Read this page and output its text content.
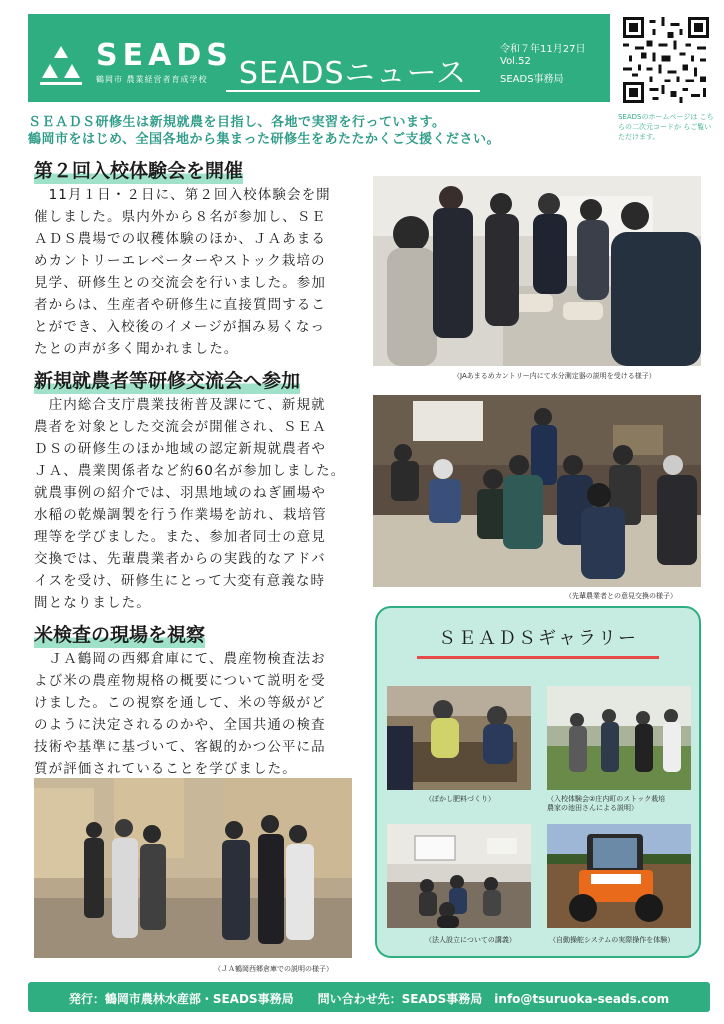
SEADS
鶴岡市 農業経営者育成学校	SEADSニュース
令和７年11月27日
Vol.52
SEADS事務局
SEADSのホームページは こちらの二次元コードか らご覧いただけます。
ＳＥＡＤＳ研修生は新規就農を目指し、各地で実習を行っています。
鶴岡市をはじめ、全国各地から集まった研修生をあたたかくご支援ください。
第２回入校体験会を開催
　11月１日・２日に、第２回入校体験会を開
催しました。県内外から８名が参加し、ＳＥ
ＡＤＳ農場での収穫体験のほか、ＪＡあまる
めカントリーエレベーターやストック栽培の
見学、研修生との交流会を行いました。参加
者からは、生産者や研修生に直接質問するこ
とができ、入校後のイメージが掴み易くなっ
たとの声が多く聞かれました。
（JAあまるめカントリー内にて水分測定器の説明を受ける様子）
新規就農者等研修交流会へ参加
　庄内総合支庁農業技術普及課にて、新規就
農者を対象とした交流会が開催され、ＳＥＡ
ＤＳの研修生のほか地域の認定新規就農者や
ＪＡ、農業関係者など約60名が参加しました。
就農事例の紹介では、羽黒地域のねぎ圃場や
水稲の乾燥調製を行う作業場を訪れ、栽培管
理等を学びました。また、参加者同士の意見
交換では、先輩農業者からの実践的なアドバ
イスを受け、研修生にとって大変有意義な時
間となりました。	（先輩農業者との意見交換の様子）
米検査の現場を視察
　ＪＡ鶴岡の西郷倉庫にて、農産物検査法お
よび米の農産物規格の概要について説明を受
けました。この視察を通して、米の等級がど
のように決定されるのかや、全国共通の検査
技術や基準に基づいて、客観的かつ公平に品
質が評価されていることを学びました。
（ＪＡ鶴岡西郷倉庫での説明の様子）
ＳＥＡＤＳギャラリー
（ぼかし肥料づくり）	（入校体験会②庄内町のストック栽培
農家の池田さんによる説明）
（法人設立についての講義）	（自動操舵システムの実際操作を体験）
発行：鶴岡市農林水産部・SEADS事務局　　問い合わせ先：SEADS事務局　info@tsuruoka-seads.com
